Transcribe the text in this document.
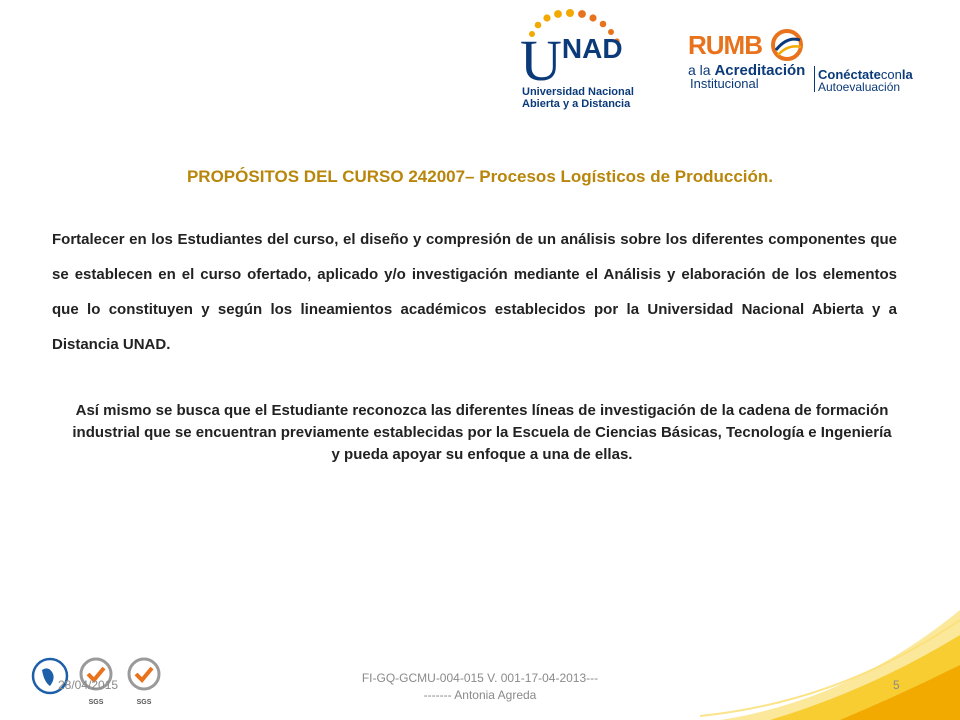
UNAD
Universidad Nacional
Abierta y a Distancia
RUMB
a la Acreditación
Institucional
Conéctateconla
Autoevaluación
PROPÓSITOS DEL CURSO 242007– Procesos Logísticos de Producción.
Fortalecer en los Estudiantes del curso, el diseño y compresión de un análisis sobre los diferentes componentes que se establecen en el curso ofertado, aplicado y/o investigación mediante el Análisis y elaboración de los elementos que lo constituyen y según los lineamientos académicos establecidos por la Universidad Nacional Abierta y a Distancia UNAD.
Así mismo se busca que el Estudiante reconozca las diferentes líneas de investigación de la cadena de formación industrial que se encuentran previamente establecidas por la Escuela de Ciencias Básicas, Tecnología e Ingeniería y pueda apoyar su enfoque a una de ellas.
SGS	SGS
28/04/2015	FI-GQ-GCMU-004-015 V. 001-17-04-2013---
------- Antonia Agreda
5
